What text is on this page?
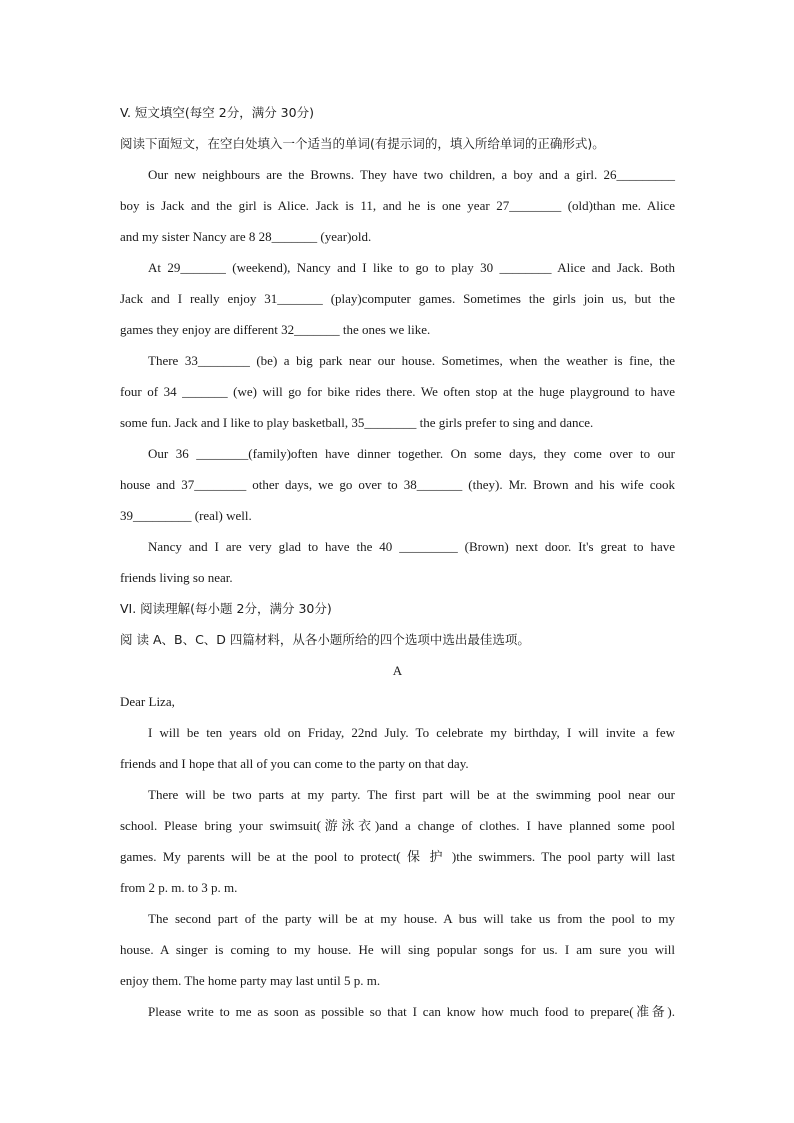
V. 短文填空(每空 2分，满分 30分)
阅读下面短文，在空白处填入一个适当的单词(有提示词的，填入所给单词的正确形式)。
Our new neighbours are the Browns. They have two children, a boy and a girl. 26_________
boy is Jack and the girl is Alice. Jack is 11, and he is one year 27________ (old)than me. Alice
and my sister Nancy are 8 28_______ (year)old.
At 29_______ (weekend), Nancy and I like to go to play 30 ________ Alice and Jack. Both
Jack and I really enjoy 31_______ (play)computer games. Sometimes the girls join us, but the
games they enjoy are different 32_______ the ones we like.
There 33________ (be) a big park near our house. Sometimes, when the weather is fine, the
four of 34 _______ (we) will go for bike rides there. We often stop at the huge playground to have
some fun. Jack and I like to play basketball, 35________ the girls prefer to sing and dance.
Our 36 ________(family)often have dinner together. On some days, they come over to our
house and 37________ other days, we go over to 38_______ (they). Mr. Brown and his wife cook
39_________ (real) well.
Nancy and I are very glad to have the 40 _________ (Brown) next door. It's great to have
friends living so near.
VI. 阅读理解(每小题 2分，满分 30分)
阅 读 A、B、C、D 四篇材料，从各小题所给的四个选项中选出最佳选项。
A
Dear Liza,
I will be ten years old on Friday, 22nd July. To celebrate my birthday, I will invite a few
friends and I hope that all of you can come to the party on that day.
There will be two parts at my party. The first part will be at the swimming pool near our
school. Please bring your swimsuit(游泳衣)and a change of clothes. I have planned some pool
games. My parents will be at the pool to protect( 保 护 )the swimmers. The pool party will last
from 2 p. m. to 3 p. m.
The second part of the party will be at my house. A bus will take us from the pool to my
house. A singer is coming to my house. He will sing popular songs for us. I am sure you will
enjoy them. The home party may last until 5 p. m.
Please write to me as soon as possible so that I can know how much food to prepare(准备).
